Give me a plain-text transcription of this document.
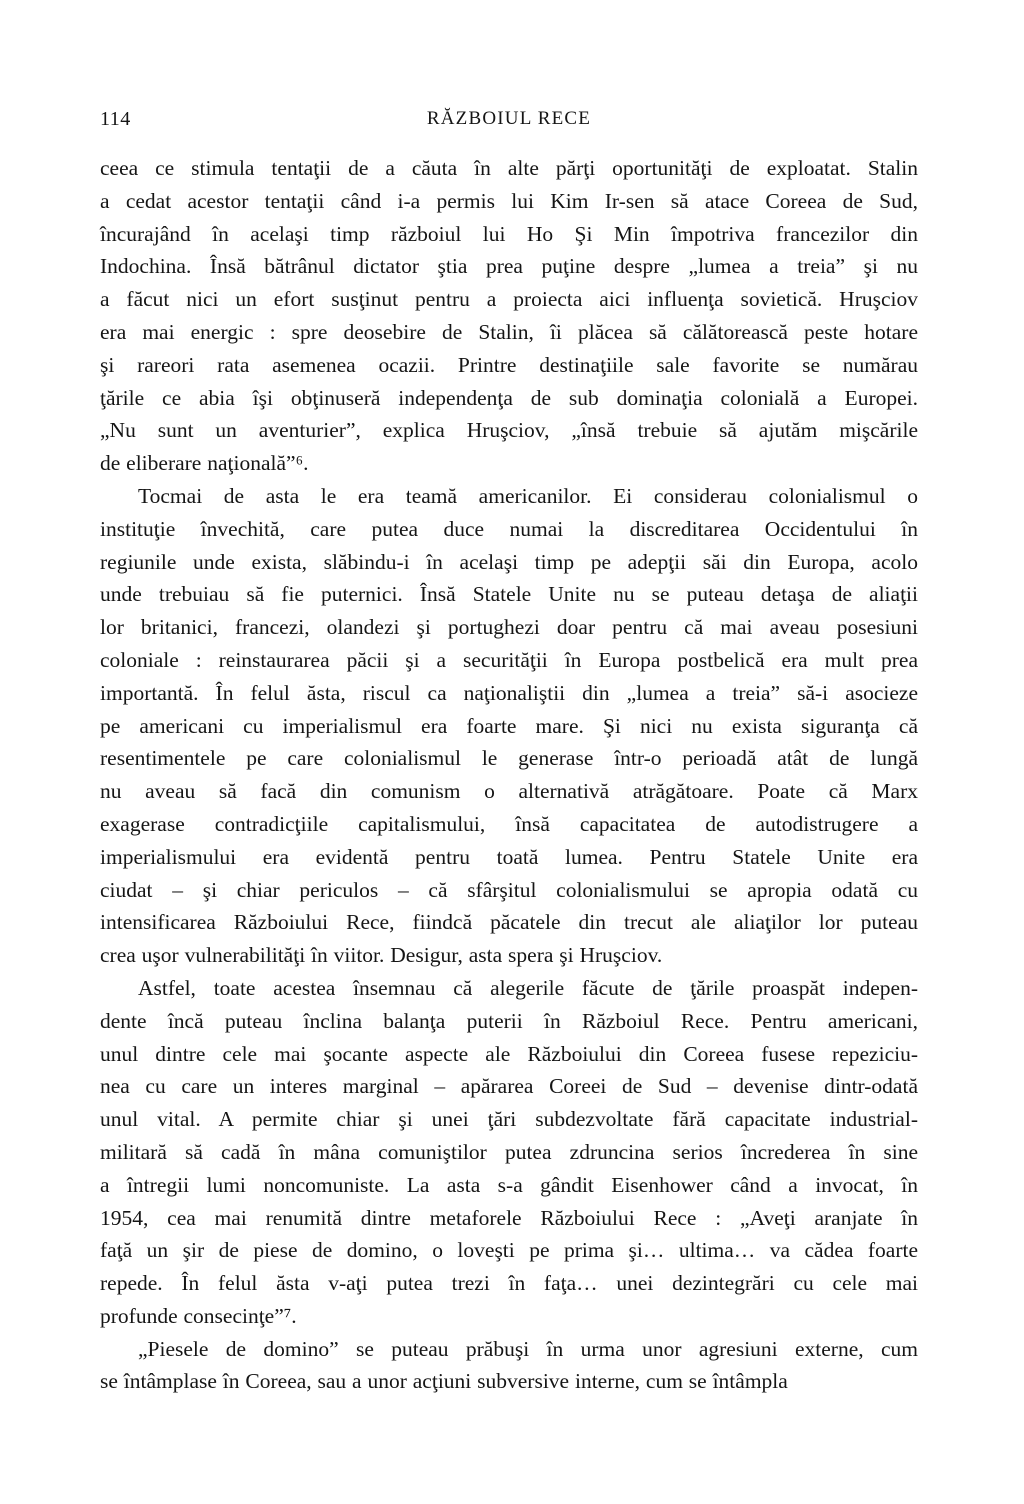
114	RĂZBOIUL RECE
ceea ce stimula tentaţii de a căuta în alte părţi oportunităţi de exploatat. Stalin
a cedat acestor tentaţii când i-a permis lui Kim Ir-sen să atace Coreea de Sud,
încurajând în acelaşi timp războiul lui Ho Şi Min împotriva francezilor din
Indochina. Însă bătrânul dictator ştia prea puţine despre „lumea a treia” şi nu
a făcut nici un efort susţinut pentru a proiecta aici influenţa sovietică. Hruşciov
era mai energic : spre deosebire de Stalin, îi plăcea să călătorească peste hotare
şi rareori rata asemenea ocazii. Printre destinaţiile sale favorite se numărau
ţările ce abia îşi obţinuseră independenţa de sub dominaţia colonială a Europei.
„Nu sunt un aventurier”, explica Hruşciov, „însă trebuie să ajutăm mişcările
de eliberare naţională”⁶.
Tocmai de asta le era teamă americanilor. Ei considerau colonialismul o
instituţie învechită, care putea duce numai la discreditarea Occidentului în
regiunile unde exista, slăbindu-i în acelaşi timp pe adepţii săi din Europa, acolo
unde trebuiau să fie puternici. Însă Statele Unite nu se puteau detaşa de aliaţii
lor britanici, francezi, olandezi şi portughezi doar pentru că mai aveau posesiuni
coloniale : reinstaurarea păcii şi a securităţii în Europa postbelică era mult prea
importantă. În felul ăsta, riscul ca naţionaliştii din „lumea a treia” să-i asocieze
pe americani cu imperialismul era foarte mare. Şi nici nu exista siguranţa că
resentimentele pe care colonialismul le generase într-o perioadă atât de lungă
nu aveau să facă din comunism o alternativă atrăgătoare. Poate că Marx
exagerase contradicţiile capitalismului, însă capacitatea de autodistrugere a
imperialismului era evidentă pentru toată lumea. Pentru Statele Unite era
ciudat – şi chiar periculos – că sfârşitul colonialismului se apropia odată cu
intensificarea Războiului Rece, fiindcă păcatele din trecut ale aliaţilor lor puteau
crea uşor vulnerabilităţi în viitor. Desigur, asta spera şi Hruşciov.
Astfel, toate acestea însemnau că alegerile făcute de ţările proaspăt indepen-
dente încă puteau înclina balanţa puterii în Războiul Rece. Pentru americani,
unul dintre cele mai şocante aspecte ale Războiului din Coreea fusese repeziciu-
nea cu care un interes marginal – apărarea Coreei de Sud – devenise dintr-odată
unul vital. A permite chiar şi unei ţări subdezvoltate fără capacitate industrial-
militară să cadă în mâna comuniştilor putea zdruncina serios încrederea în sine
a întregii lumi noncomuniste. La asta s-a gândit Eisenhower când a invocat, în
1954, cea mai renumită dintre metaforele Războiului Rece : „Aveţi aranjate în
faţă un şir de piese de domino, o loveşti pe prima şi… ultima… va cădea foarte
repede. În felul ăsta v-aţi putea trezi în faţa… unei dezintegrări cu cele mai
profunde consecinţe”⁷.
„Piesele de domino” se puteau prăbuşi în urma unor agresiuni externe, cum
se întâmplase în Coreea, sau a unor acţiuni subversive interne, cum se întâmpla
